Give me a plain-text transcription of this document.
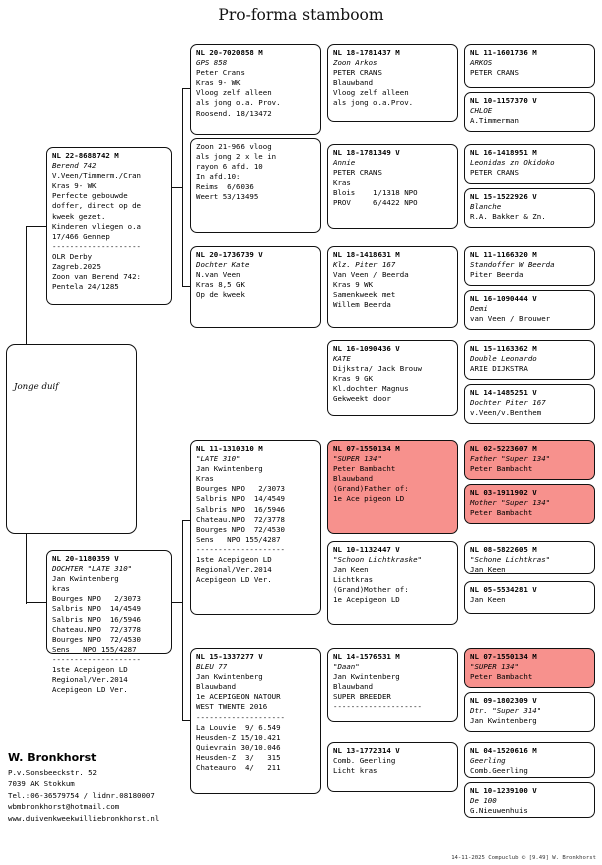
Pro-forma stamboom
Jonge duif
NL 22-8688742 M
Berend 742
V.Veen/Timmerm./Cran
Kras 9- WK
Perfecte gebouwde
doffer, direct op de
kweek gezet.
Kinderen vliegen o.a
17/466 Gennep
--------------------
OLR Derby
Zagreb.2025
Zoon van Berend 742:
Pentela 24/1285
NL 20-1180359 V
DOCHTER "LATE 310"
Jan Kwintenberg
kras
Bourges NPO   2/3073
Salbris NPO  14/4549
Salbris NPO  16/5946
Chateau.NPO  72/3778
Bourges NPO  72/4530
Sens   NPO 155/4287
--------------------
1ste Acepigeon LD
Regional/Ver.2014
Acepigeon LD Ver.
NL 20-7020858 M
GPS 858
Peter Crans
Kras 9- WK
Vloog zelf alleen
als jong o.a. Prov.
Roosend. 18/13472
Zoon 21-966 vloog
als jong 2 x le in
rayon 6 afd. 10
In afd.10:
Reims  6/6036
Weert 53/13495
NL 20-1736739 V
Dochter Kate
N.van Veen
Kras 8,5 GK
Op de kweek
NL 11-1310310 M
"LATE 310"
Jan Kwintenberg
Kras
Bourges NPO   2/3073
Salbris NPO  14/4549
Salbris NPO  16/5946
Chateau.NPO  72/3778
Bourges NPO  72/4530
Sens   NPO 155/4287
--------------------
1ste Acepigeon LD
Regional/Ver.2014
Acepigeon LD Ver.
NL 15-1337277 V
BLEU 77
Jan Kwintenberg
Blauwband
1e ACEPIGEON NATOUR
WEST TWENTE 2016
--------------------
La Louvie  9/ 6.549
Heusden-Z 15/10.421
Quievrain 30/10.046
Heusden-Z  3/   315
Chateauro  4/   211
NL 18-1781437 M
Zoon Arkos
PETER CRANS
Blauwband
Vloog zelf alleen
als jong o.a.Prov.
NL 18-1781349 V
Annie
PETER CRANS
Kras
Blois    1/1318 NPO
PROV     6/4422 NPO
NL 18-1418631 M
Klz. Piter 167
Van Veen / Beerda
Kras 9 WK
Samenkweek met
Willem Beerda
NL 16-1090436 V
KATE
Dijkstra/ Jack Brouw
Kras 9 GK
Kl.dochter Magnus
Gekweekt door
NL 07-1550134 M
"SUPER 134"
Peter Bambacht
Blauwband
(Grand)Father of:
1e Ace pigeon LD
NL 10-1132447 V
"Schoon Lichtkraske"
Jan Keen
Lichtkras
(Grand)Mother of:
1e Acepigeon LD
NL 14-1576531 M
"Daan"
Jan Kwintenberg
Blauwband
SUPER BREEDER
--------------------
NL 13-1772314 V
Comb. Geerling
Licht kras
NL 11-1601736 M
ARKOS
PETER CRANS
NL 10-1157370 V
CHLOE
A.Timmerman
NL 16-1418951 M
Leonidas zn Okidoko
PETER CRANS
NL 15-1522926 V
Blanche
R.A. Bakker & Zn.
NL 11-1166320 M
Standoffer W Beerda
Piter Beerda
NL 16-1090444 V
Demi
van Veen / Brouwer
NL 15-1163362 M
Double Leonardo
ARIE DIJKSTRA
NL 14-1485251 V
Dochter Piter 167
v.Veen/v.Benthem
NL 02-5223607 M
Father "Super 134"
Peter Bambacht
NL 03-1911902 V
Mother "Super 134"
Peter Bambacht
NL 08-5822605 M
"Schone Lichtkras"
Jan Keen
NL 05-5534281 V
Jan Keen
NL 07-1550134 M
"SUPER 134"
Peter Bambacht
NL 09-1802309 V
Dtr. "Super 314"
Jan Kwintenberg
NL 04-1520616 M
Geerling
Comb.Geerling
NL 10-1239100 V
De 100
G.Nieuwenhuis
W. Bronkhorst
P.v.Sonsbeeckstr. 52
7039 AK Stokkum
Tel.:06-36579754 / lidnr.08180007
wbmbronkhorst@hotmail.com
www.duivenkweekwilliebronkhorst.nl
14-11-2025 Compuclub © [9.49] W. Bronkhorst
